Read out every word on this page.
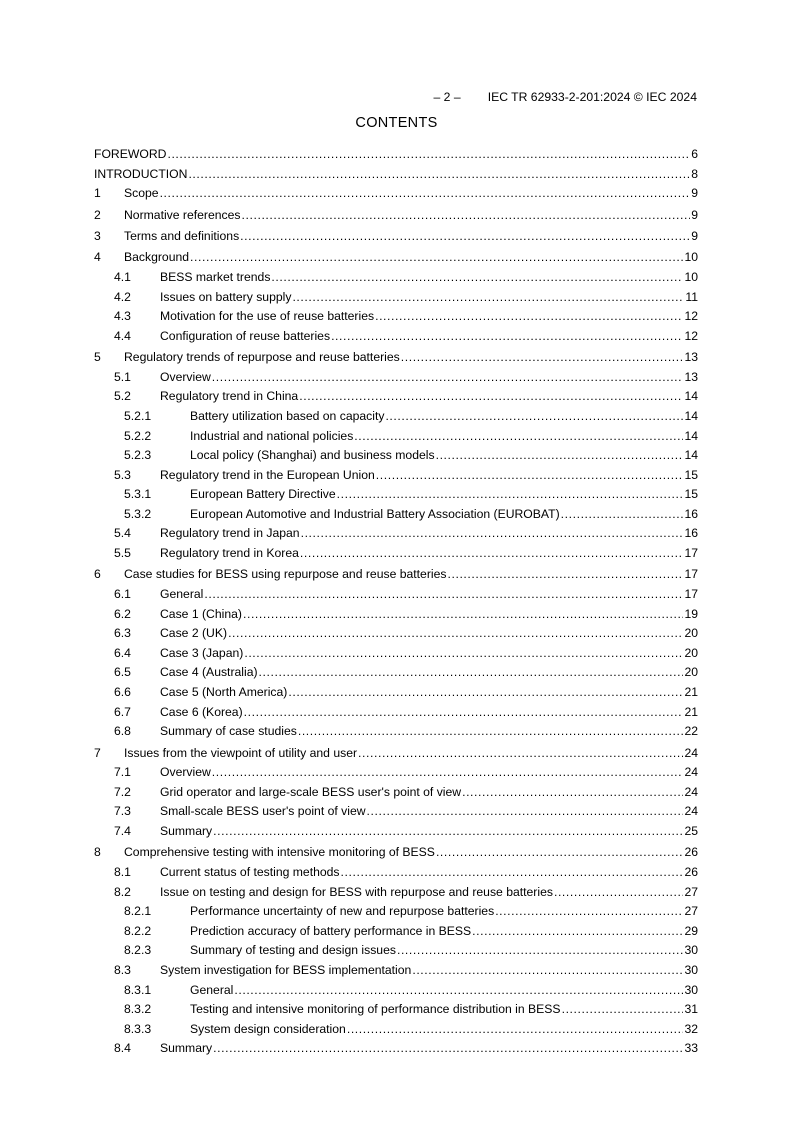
– 2 – IEC TR 62933-2-201:2024 © IEC 2024

CONTENTS
FOREWORD .....	6
INTRODUCTION .....	8
1 Scope .....	9
2 Normative references .....	9
3 Terms and definitions .....	9
4 Background .....	10
4.1 BESS market trends .....	10
4.2 Issues on battery supply .....	11
4.3 Motivation for the use of reuse batteries .....	12
4.4 Configuration of reuse batteries .....	12
5 Regulatory trends of repurpose and reuse batteries .....	13
5.1 Overview .....	13
5.2 Regulatory trend in China .....	14
5.2.1	Battery utilization based on capacity .....	14
5.2.2	Industrial and national policies .....	14
5.2.3	Local policy (Shanghai) and business models .....	14
5.3 Regulatory trend in the European Union .....	15
5.3.1	European Battery Directive .....	15
5.3.2	European Automotive and Industrial Battery Association (EUROBAT) .....	16
5.4 Regulatory trend in Japan .....	16
5.5 Regulatory trend in Korea .....	17
6 Case studies for BESS using repurpose and reuse batteries .....	17
6.1 General .....	17
6.2 Case 1 (China) .....	19
6.3 Case 2 (UK) .....	20
6.4 Case 3 (Japan) .....	20
6.5 Case 4 (Australia) .....	20
6.6 Case 5 (North America) .....	21
6.7 Case 6 (Korea) .....	21
6.8 Summary of case studies .....	22
7 Issues from the viewpoint of utility and user .....	24
7.1 Overview .....	24
7.2 Grid operator and large-scale BESS user's point of view .....	24
7.3 Small-scale BESS user's point of view .....	24
7.4 Summary .....	25
8 Comprehensive testing with intensive monitoring of BESS .....	26
8.1 Current status of testing methods .....	26
8.2 Issue on testing and design for BESS with repurpose and reuse batteries .....	27
8.2.1	Performance uncertainty of new and repurpose batteries .....	27
8.2.2	Prediction accuracy of battery performance in BESS .....	29
8.2.3	Summary of testing and design issues .....	30
8.3 System investigation for BESS implementation .....	30
8.3.1	General .....	30
8.3.2	Testing and intensive monitoring of performance distribution in BESS .....	31
8.3.3	System design consideration .....	32
8.4 Summary .....	33
